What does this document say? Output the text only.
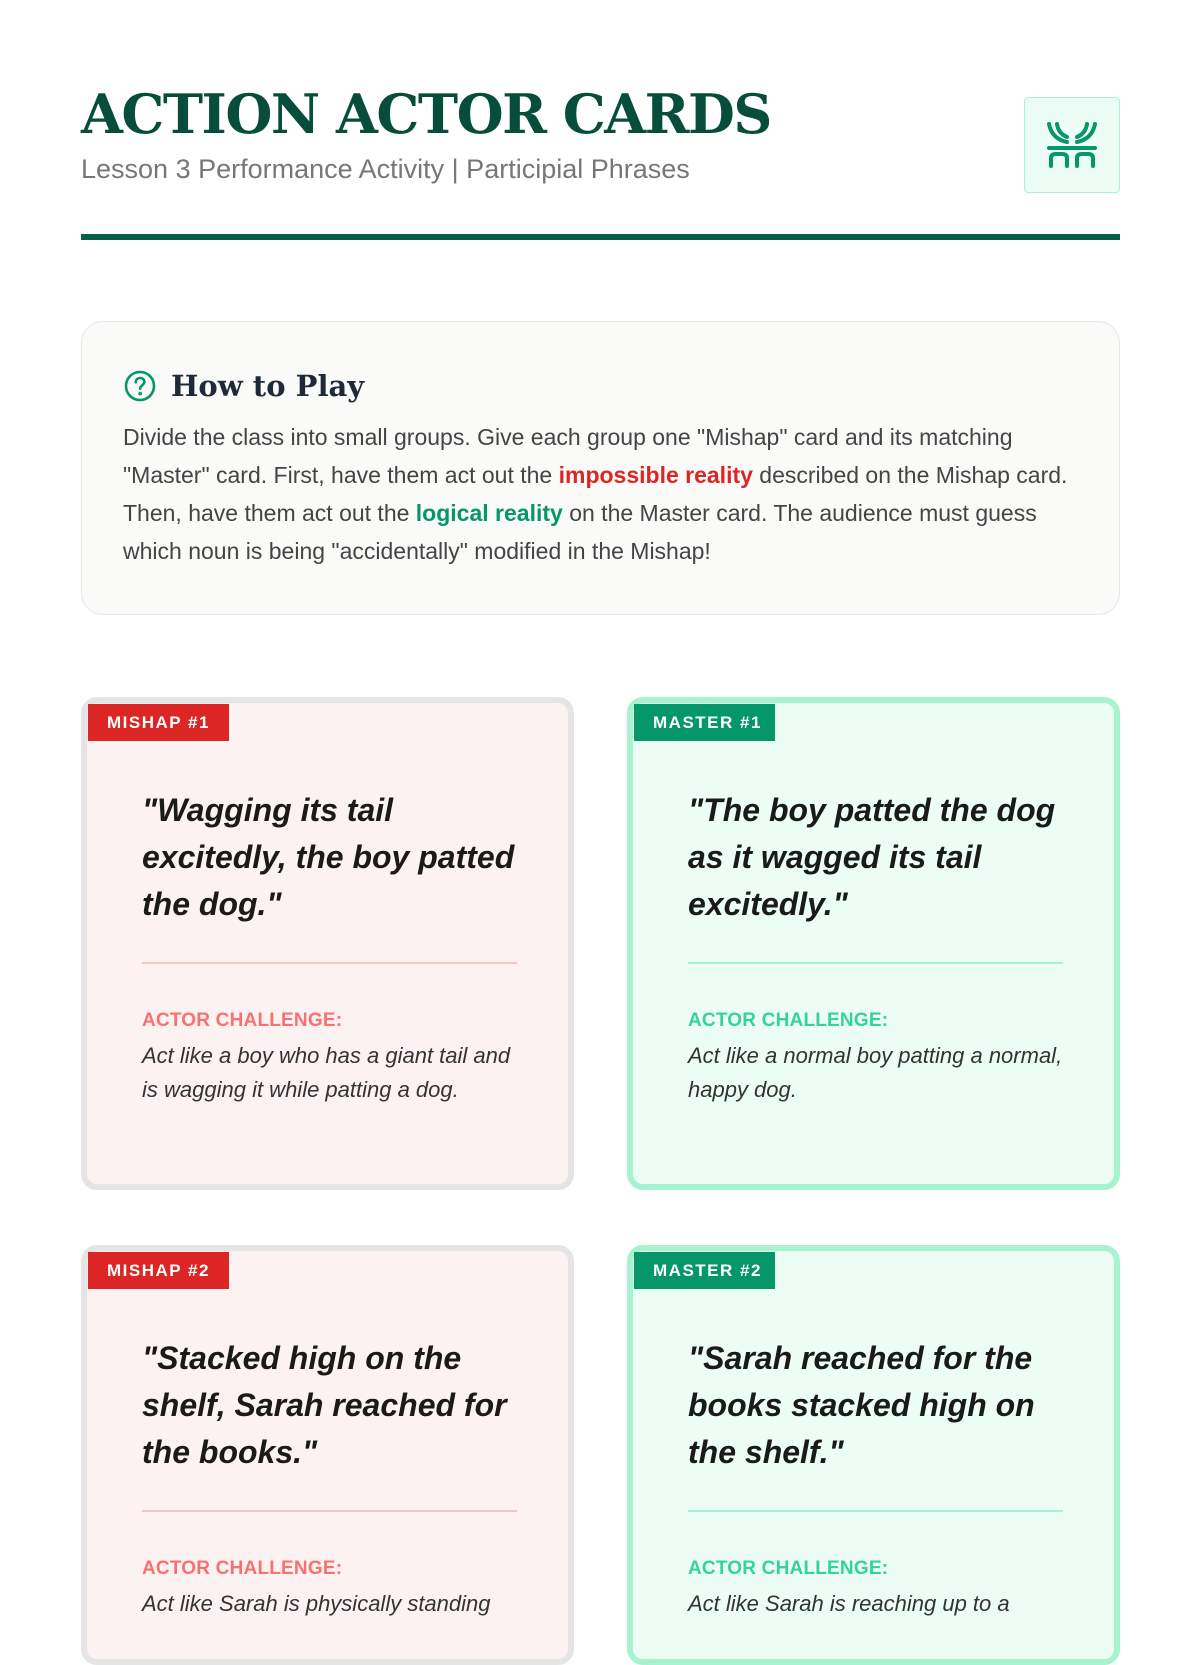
ACTION ACTOR CARDS
Lesson 3 Performance Activity | Participial Phrases
How to Play

Divide the class into small groups. Give each group one "Mishap" card and its matching "Master" card. First, have them act out the impossible reality described on the Mishap card. Then, have them act out the logical reality on the Master card. The audience must guess which noun is being "accidentally" modified in the Mishap!

MISHAP #1
"Wagging its tail excitedly, the boy patted the dog."
ACTOR CHALLENGE:
Act like a boy who has a giant tail and is wagging it while patting a dog.
MASTER #1
"The boy patted the dog as it wagged its tail excitedly."
ACTOR CHALLENGE:
Act like a normal boy patting a normal, happy dog.
MISHAP #2
"Stacked high on the shelf, Sarah reached for the books."
ACTOR CHALLENGE:
Act like Sarah is physically standing
MASTER #2
"Sarah reached for the books stacked high on the shelf."
ACTOR CHALLENGE:
Act like Sarah is reaching up to a
